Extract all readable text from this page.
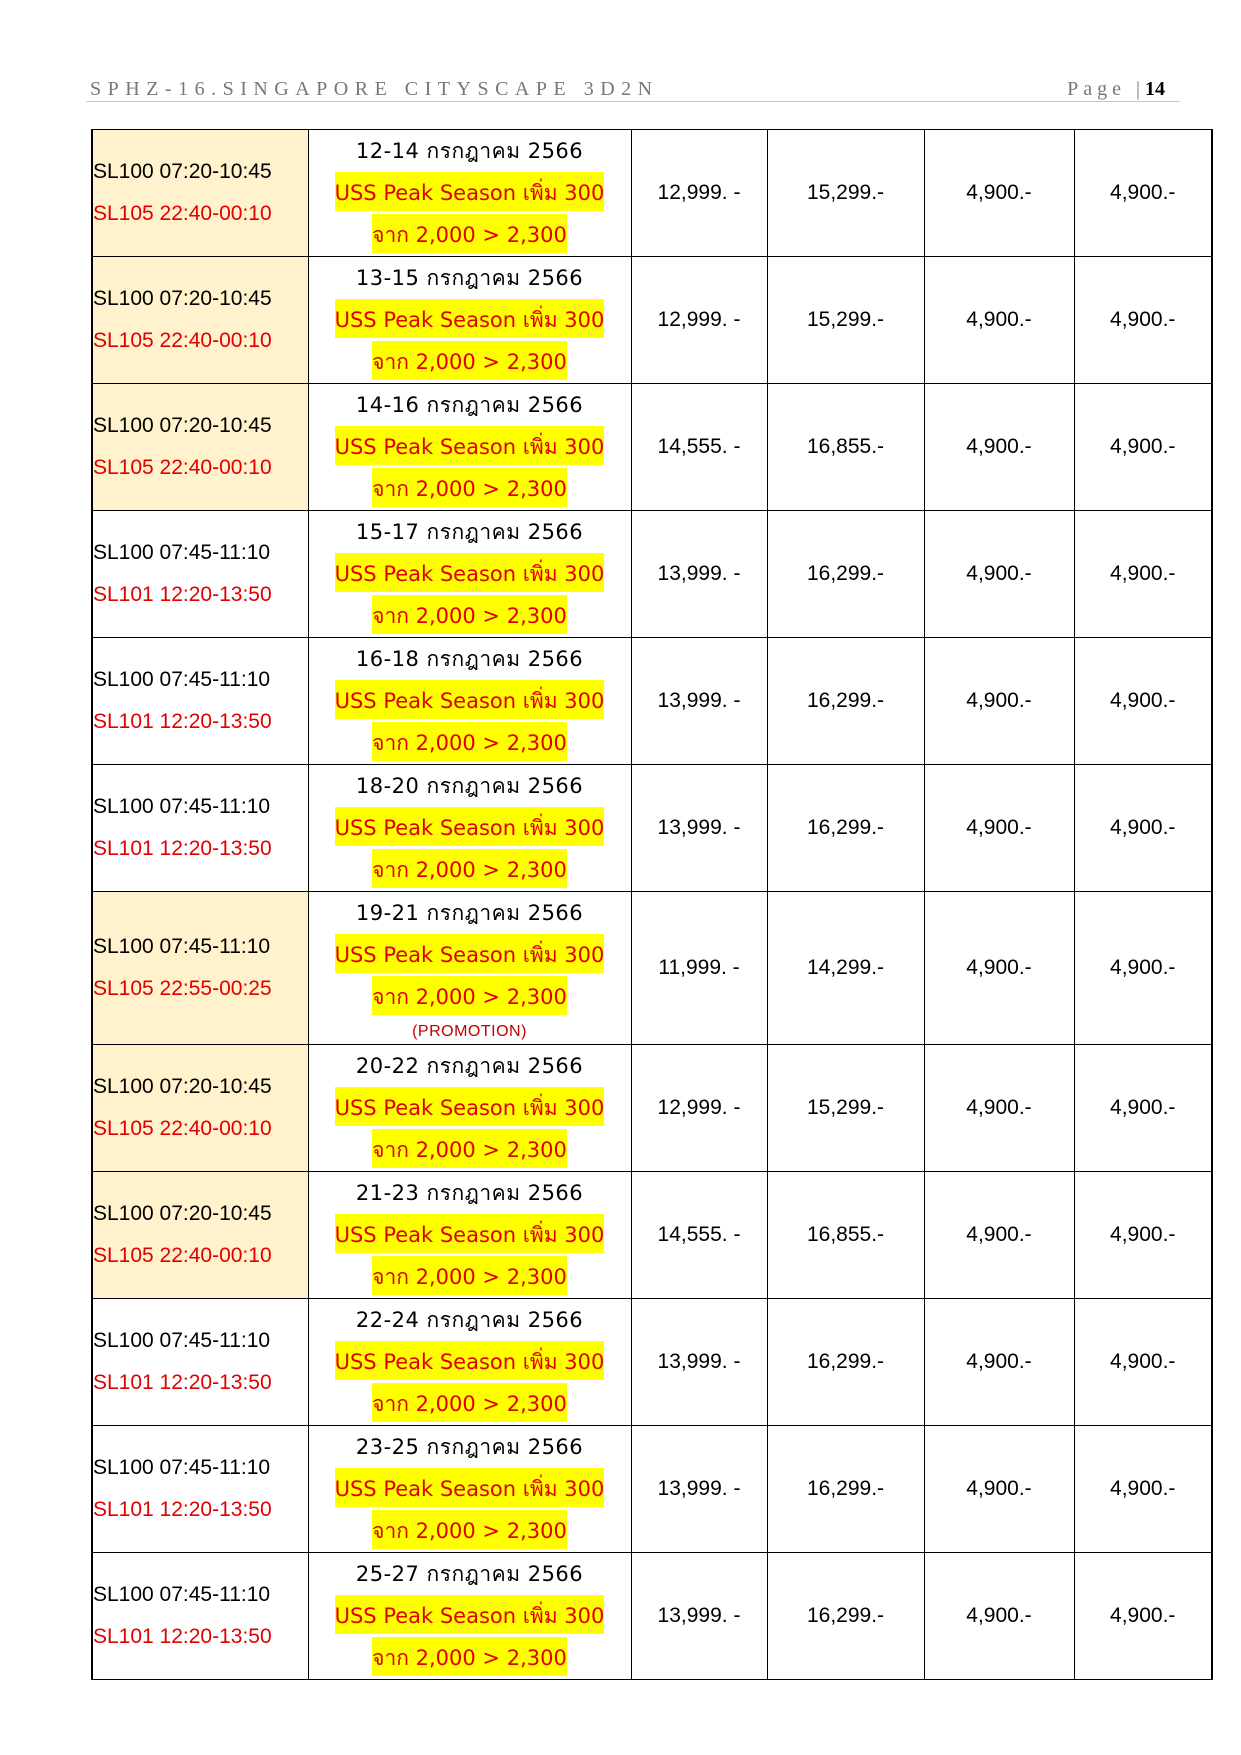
SPHZ-16.SINGAPORE CITYSCAPE 3D2N	Page |14
SL100 07:20-10:45
SL105 22:40-00:10	12-14 กรกฎาคม 2566
USS Peak Season เพิ่ม 300
จาก 2,000 > 2,300	12,999. -	15,299.-	4,900.-	4,900.-

SL100 07:20-10:45
SL105 22:40-00:10	13-15 กรกฎาคม 2566
USS Peak Season เพิ่ม 300
จาก 2,000 > 2,300	12,999. -	15,299.-	4,900.-	4,900.-

SL100 07:20-10:45
SL105 22:40-00:10	14-16 กรกฎาคม 2566
USS Peak Season เพิ่ม 300
จาก 2,000 > 2,300	14,555. -	16,855.-	4,900.-	4,900.-

SL100 07:45-11:10
SL101 12:20-13:50	15-17 กรกฎาคม 2566
USS Peak Season เพิ่ม 300
จาก 2,000 > 2,300	13,999. -	16,299.-	4,900.-	4,900.-

SL100 07:45-11:10
SL101 12:20-13:50	16-18 กรกฎาคม 2566
USS Peak Season เพิ่ม 300
จาก 2,000 > 2,300	13,999. -	16,299.-	4,900.-	4,900.-

SL100 07:45-11:10
SL101 12:20-13:50	18-20 กรกฎาคม 2566
USS Peak Season เพิ่ม 300
จาก 2,000 > 2,300	13,999. -	16,299.-	4,900.-	4,900.-

SL100 07:45-11:10
SL105 22:55-00:25	19-21 กรกฎาคม 2566
USS Peak Season เพิ่ม 300
จาก 2,000 > 2,300
(PROMOTION)	11,999. -	14,299.-	4,900.-	4,900.-

SL100 07:20-10:45
SL105 22:40-00:10	20-22 กรกฎาคม 2566
USS Peak Season เพิ่ม 300
จาก 2,000 > 2,300	12,999. -	15,299.-	4,900.-	4,900.-

SL100 07:20-10:45
SL105 22:40-00:10	21-23 กรกฎาคม 2566
USS Peak Season เพิ่ม 300
จาก 2,000 > 2,300	14,555. -	16,855.-	4,900.-	4,900.-

SL100 07:45-11:10
SL101 12:20-13:50	22-24 กรกฎาคม 2566
USS Peak Season เพิ่ม 300
จาก 2,000 > 2,300	13,999. -	16,299.-	4,900.-	4,900.-

SL100 07:45-11:10
SL101 12:20-13:50	23-25 กรกฎาคม 2566
USS Peak Season เพิ่ม 300
จาก 2,000 > 2,300	13,999. -	16,299.-	4,900.-	4,900.-

SL100 07:45-11:10
SL101 12:20-13:50	25-27 กรกฎาคม 2566
USS Peak Season เพิ่ม 300
จาก 2,000 > 2,300	13,999. -	16,299.-	4,900.-	4,900.-
